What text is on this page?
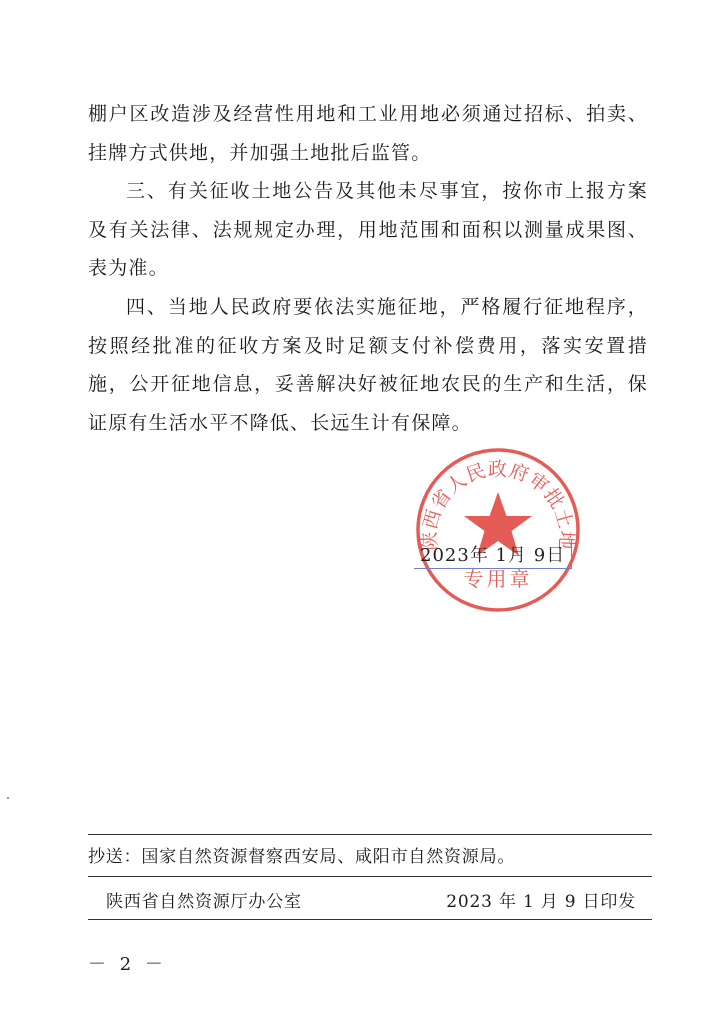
棚户区改造涉及经营性用地和工业用地必须通过招标、拍卖、挂牌方式供地，并加强土地批后监管。

三、有关征收土地公告及其他未尽事宜，按你市上报方案及有关法律、法规规定办理，用地范围和面积以测量成果图、表为准。

四、当地人民政府要依法实施征地，严格履行征地程序，按照经批准的征收方案及时足额支付补偿费用，落实安置措施，公开征地信息，妥善解决好被征地农民的生产和生活，保证原有生活水平不降低、长远生计有保障。

陕西省人民政府审批土地
专用章
2023年 1月 9日
抄送：国家自然资源督察西安局、咸阳市自然资源局。
陕西省自然资源厅办公室	2023 年 1 月 9 日印发
－ 2 －
